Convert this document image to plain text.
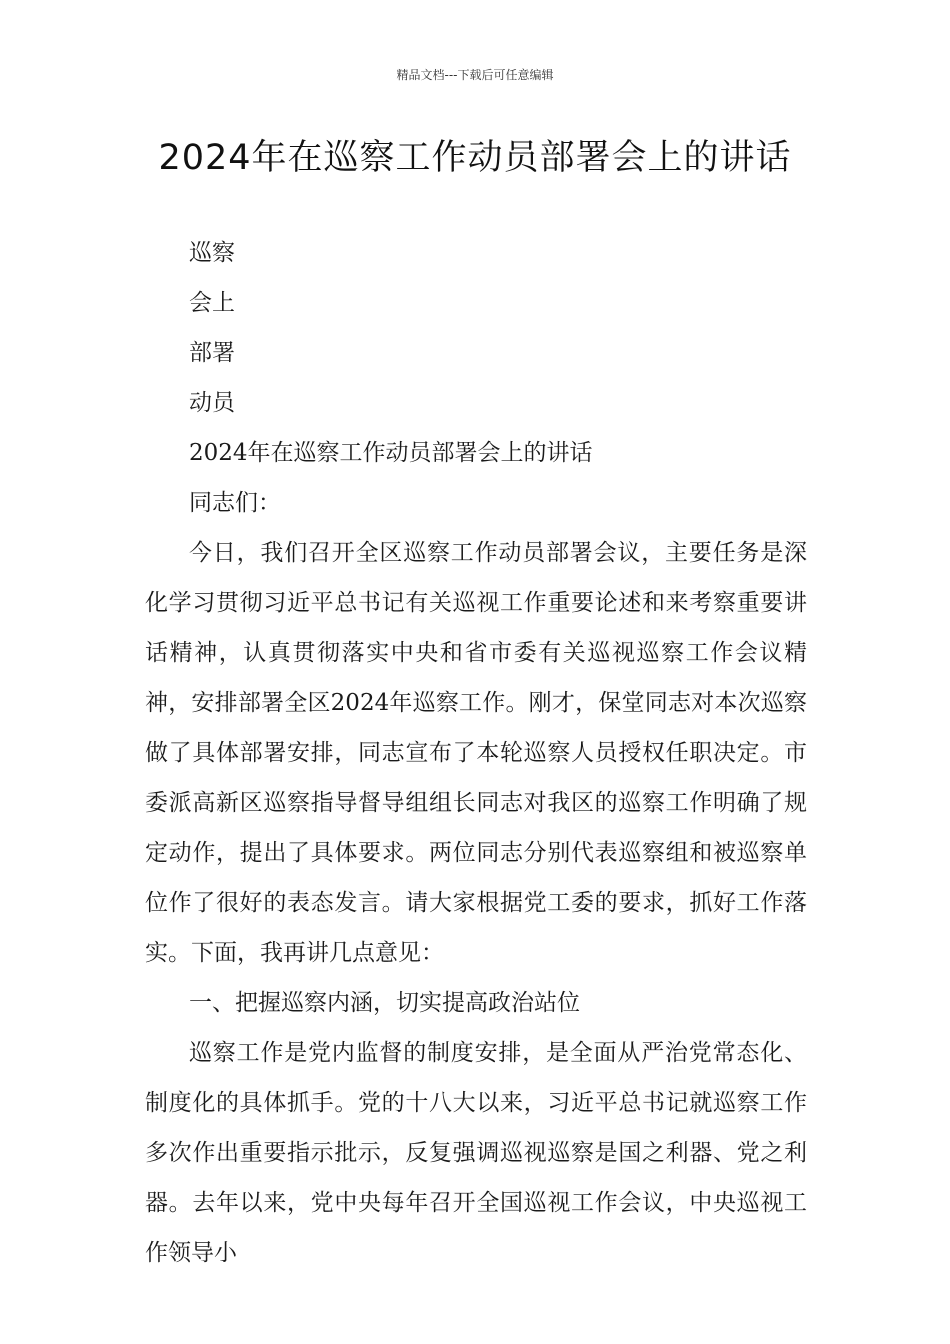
精品文档---下载后可任意编辑
2024年在巡察工作动员部署会上的讲话
巡察
会上
部署
动员

2024年在巡察工作动员部署会上的讲话

同志们：

今日，我们召开全区巡察工作动员部署会议，主要任务是深化学习贯彻习近平总书记有关巡视工作重要论述和来考察重要讲话精神，认真贯彻落实中央和省市委有关巡视巡察工作会议精神，安排部署全区2024年巡察工作。刚才，保堂同志对本次巡察做了具体部署安排，同志宣布了本轮巡察人员授权任职决定。市委派高新区巡察指导督导组组长同志对我区的巡察工作明确了规定动作，提出了具体要求。两位同志分别代表巡察组和被巡察单位作了很好的表态发言。请大家根据党工委的要求，抓好工作落实。下面，我再讲几点意见：

一、把握巡察内涵，切实提高政治站位

巡察工作是党内监督的制度安排，是全面从严治党常态化、制度化的具体抓手。党的十八大以来，习近平总书记就巡察工作多次作出重要指示批示，反复强调巡视巡察是国之利器、党之利器。去年以来，党中央每年召开全国巡视工作会议，中央巡视工作领导小
